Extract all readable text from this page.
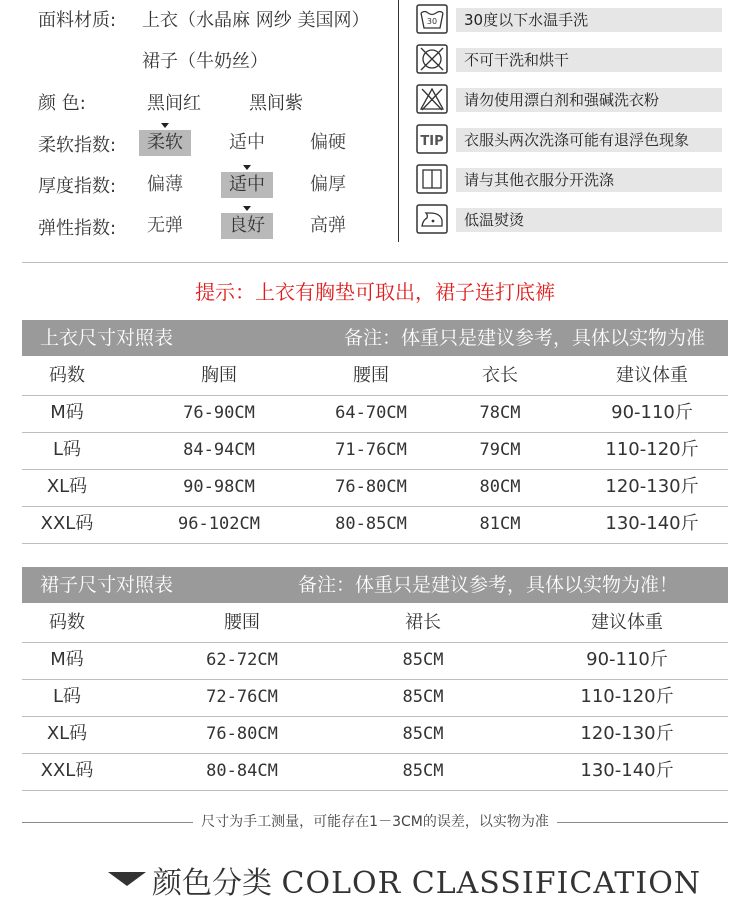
面料材质: 上衣（水晶麻 网纱 美国网）
裙子（牛奶丝）
颜 色:	黑间红	黑间紫
柔软指数:	柔软	适中	偏硬
厚度指数:	偏薄	适中	偏厚
弹性指数:	无弹	良好	高弹
30 30度以下水温手洗
不可干洗和烘干
请勿使用漂白剂和强碱洗衣粉
TIP 衣服头两次洗涤可能有退浮色现象
请与其他衣服分开洗涤
低温熨烫
提示：上衣有胸垫可取出，裙子连打底裤
上衣尺寸对照表	备注：体重只是建议参考，具体以实物为准
码数	胸围	腰围	衣长	建议体重
M码	76-90CM	64-70CM	78CM	90-110斤
L码	84-94CM	71-76CM	79CM	110-120斤
XL码	90-98CM	76-80CM	80CM	120-130斤
XXL码	96-102CM	80-85CM	81CM	130-140斤
裙子尺寸对照表	备注：体重只是建议参考，具体以实物为准！
码数	腰围	裙长	建议体重
M码	62-72CM	85CM	90-110斤
L码	72-76CM	85CM	110-120斤
XL码	76-80CM	85CM	120-130斤
XXL码	80-84CM	85CM	130-140斤
尺寸为手工测量，可能存在1－3CM的误差，以实物为准
颜色分类 COLOR CLASSIFICATION
